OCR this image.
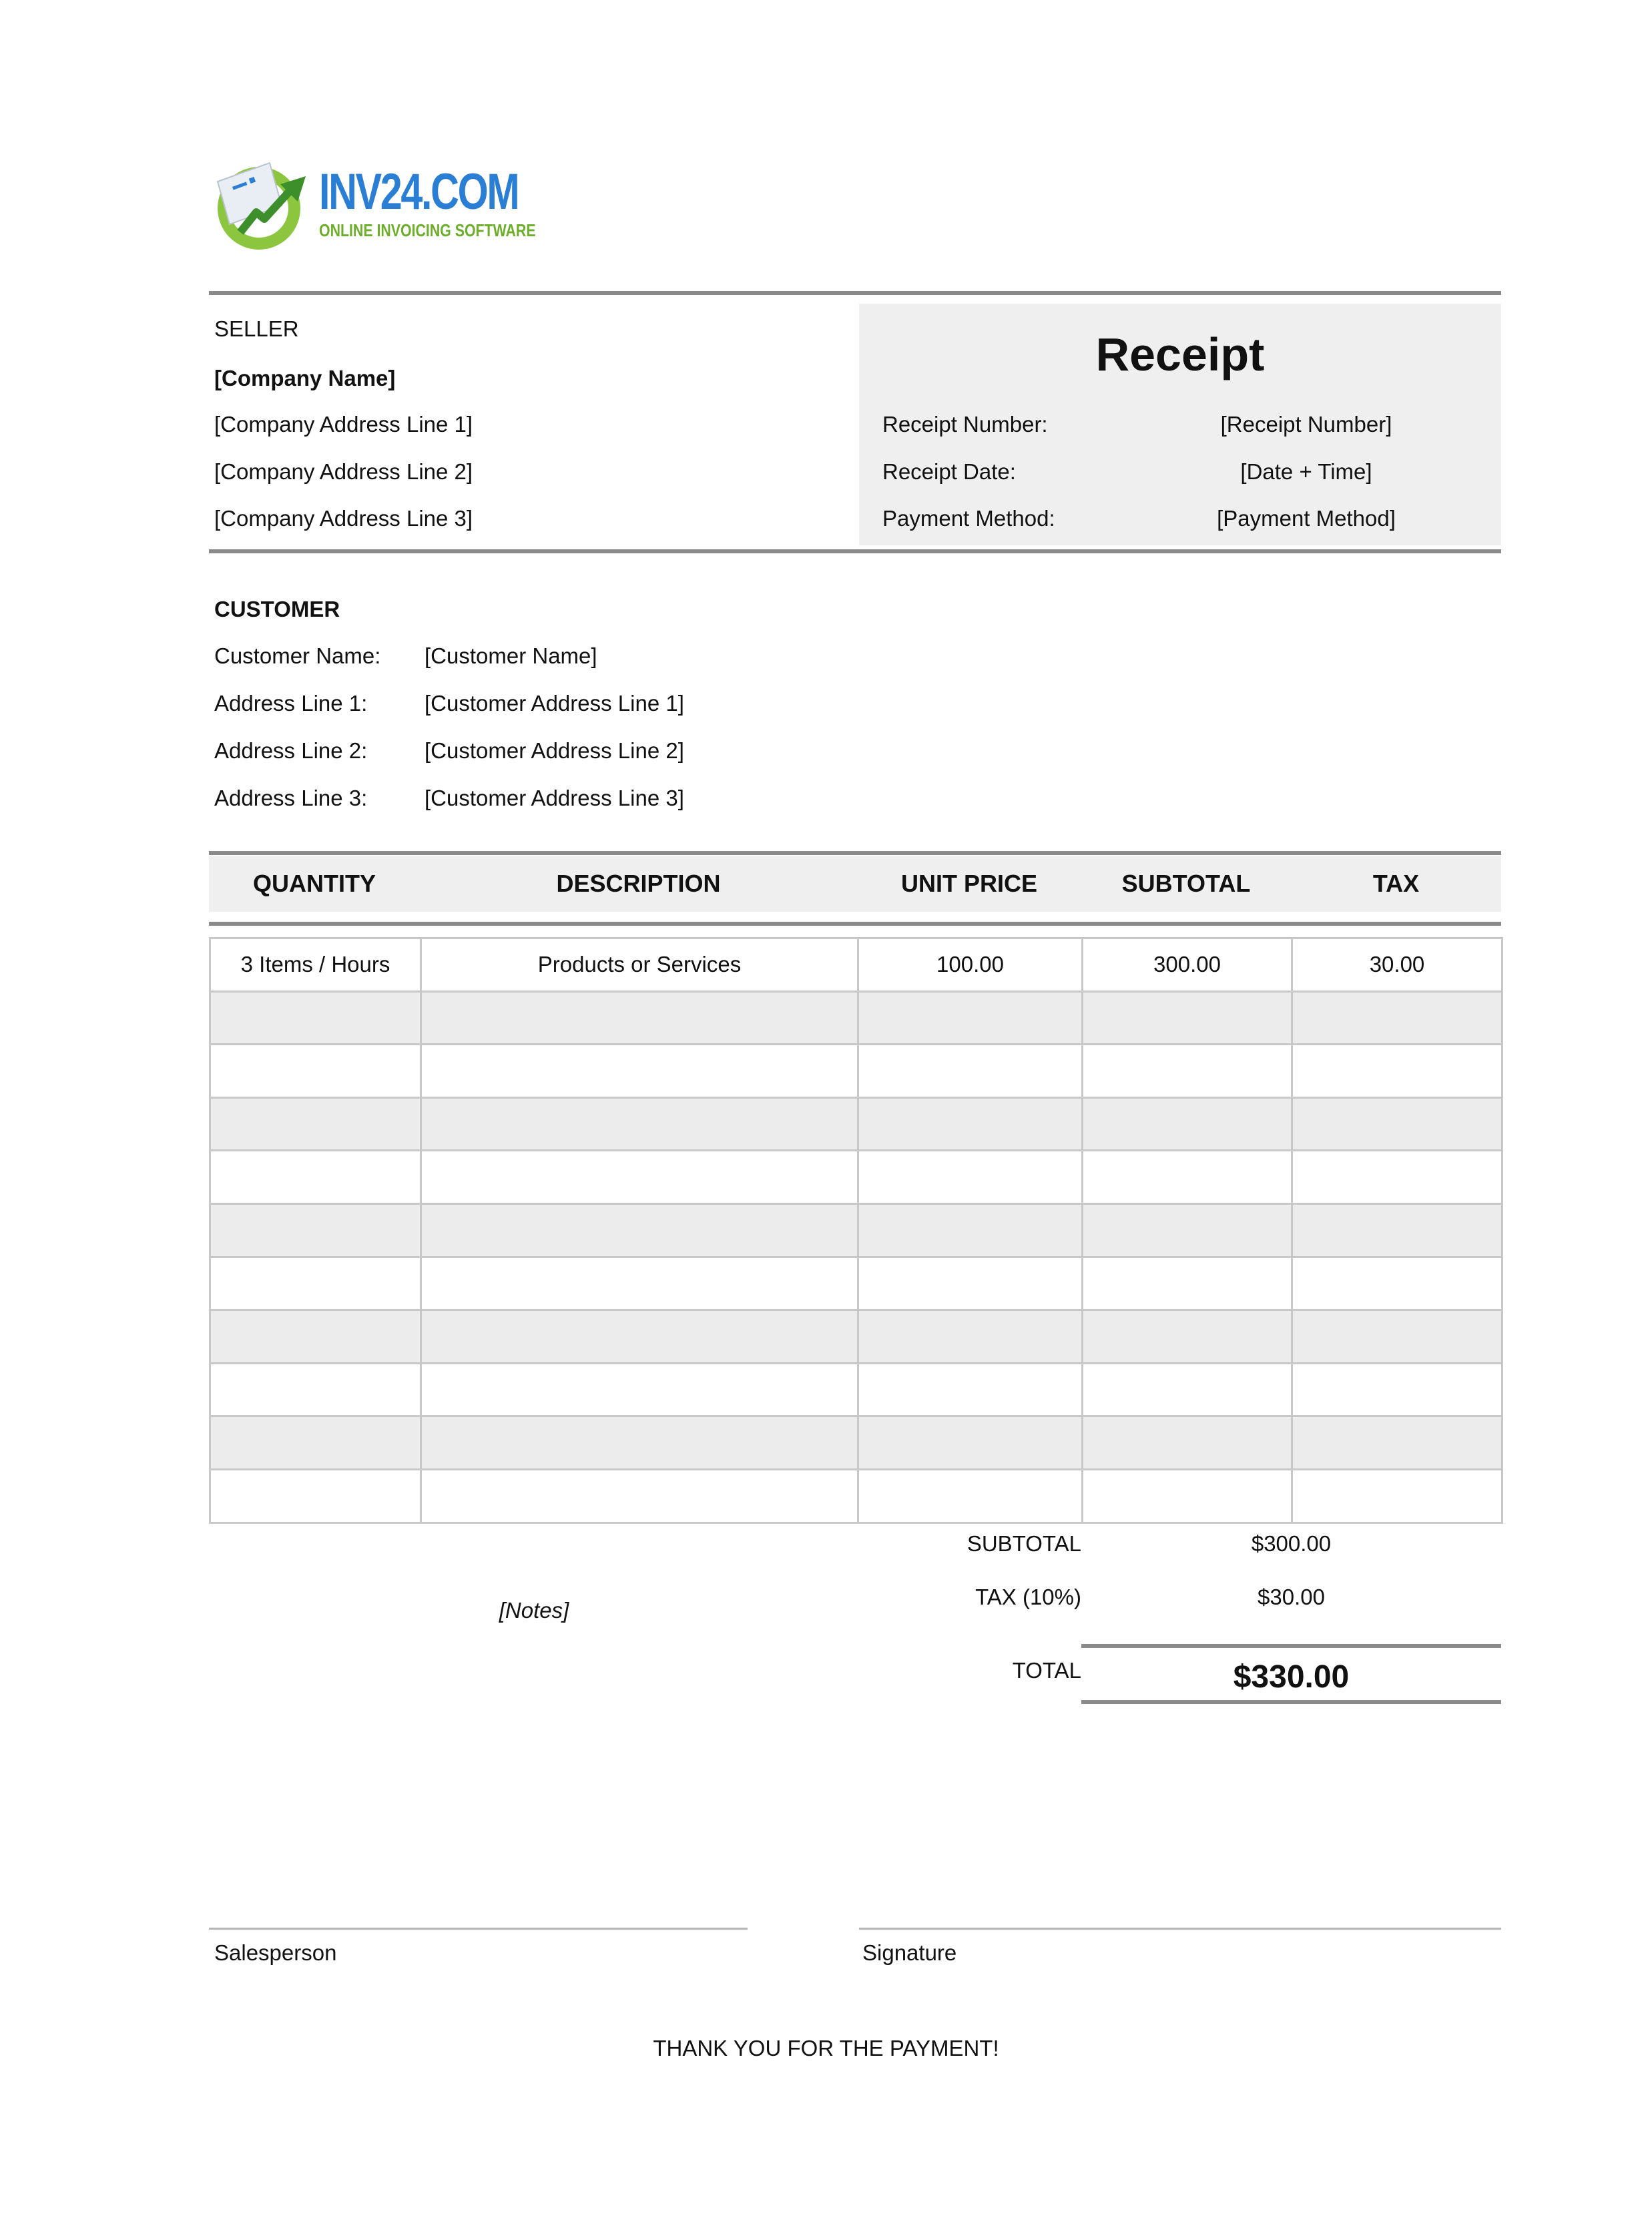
INV24.COM
ONLINE INVOICING SOFTWARE
SELLER
[Company Name]
[Company Address Line 1]
[Company Address Line 2]
[Company Address Line 3]
Receipt
Receipt Number:	[Receipt Number]
Receipt Date:	[Date + Time]
Payment Method:	[Payment Method]
CUSTOMER
Customer Name: [Customer Name]
Address Line 1:	[Customer Address Line 1]
Address Line 2:	[Customer Address Line 2]
Address Line 3:	[Customer Address Line 3]
QUANTITY	DESCRIPTION	UNIT PRICE	SUBTOTAL	TAX
3 Items / Hours	Products or Services	100.00	300.00	30.00

SUBTOTAL	$300.00
TAX (10%)	$30.00
[Notes]
TOTAL	$330.00
Salesperson	Signature
THANK YOU FOR THE PAYMENT!
